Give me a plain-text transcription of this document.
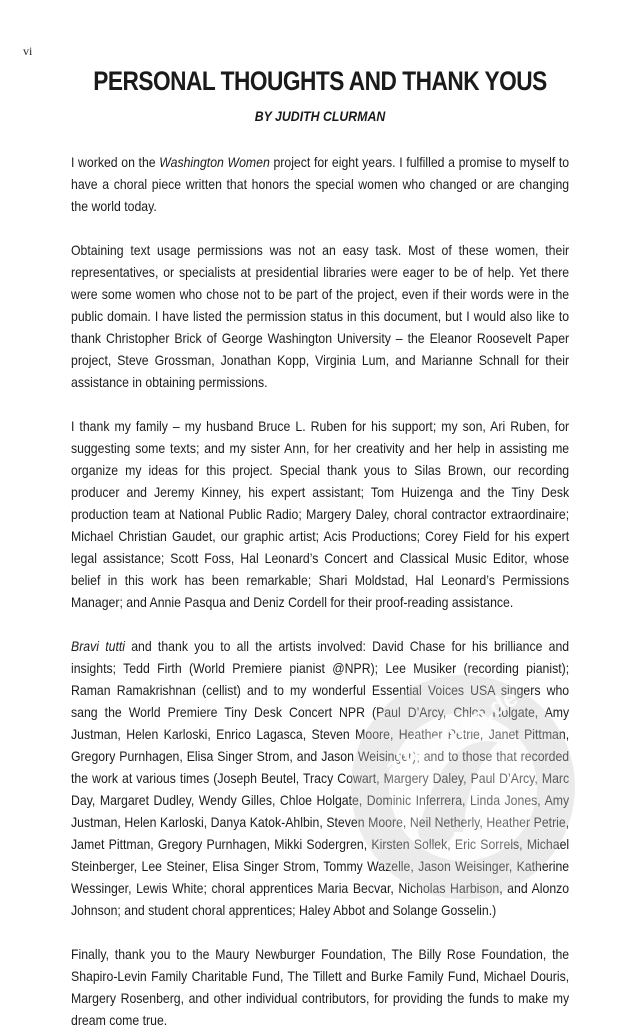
vi
PERSONAL THOUGHTS AND THANK YOUS
BY JUDITH CLURMAN

I worked on the Washington Women project for eight years. I fulfilled a promise to myself to have a choral piece written that honors the special women who changed or are changing the world today.

Obtaining text usage permissions was not an easy task. Most of these women, their representatives, or specialists at presidential libraries were eager to be of help. Yet there were some women who chose not to be part of the project, even if their words were in the public domain. I have listed the permission status in this document, but I would also like to thank Christopher Brick of George Washington University – the Eleanor Roosevelt Paper project, Steve Grossman, Jonathan Kopp, Virginia Lum, and Marianne Schnall for their assistance in obtaining permissions.

I thank my family – my husband Bruce L. Ruben for his support; my son, Ari Ruben, for suggesting some texts; and my sister Ann, for her creativity and her help in assisting me organize my ideas for this project. Special thank yous to Silas Brown, our recording producer and Jeremy Kinney, his expert assistant; Tom Huizenga and the Tiny Desk production team at National Public Radio; Margery Daley, choral contractor extraordinaire; Michael Christian Gaudet, our graphic artist; Acis Productions; Corey Field for his expert legal assistance; Scott Foss, Hal Leonard’s Concert and Classical Music Editor, whose belief in this work has been remarkable; Shari Moldstad, Hal Leonard’s Permissions Manager; and Annie Pasqua and Deniz Cordell for their proof-reading assistance.

Bravi tutti and thank you to all the artists involved: David Chase for his brilliance and insights; Tedd Firth (World Premiere pianist @NPR); Lee Musiker (recording pianist); Raman Ramakrishnan (cellist) and to my wonderful Essential Voices USA singers who sang the World Premiere Tiny Desk Concert NPR (Paul D’Arcy, Chloe Holgate, Amy Justman, Helen Karloski, Enrico Lagasca, Steven Moore, Heather Petrie, Janet Pittman, Gregory Purnhagen, Elisa Singer Strom, and Jason Weisinger); and to those that recorded the work at various times (Joseph Beutel, Tracy Cowart, Margery Daley, Paul D’Arcy, Marc Day, Margaret Dudley, Wendy Gilles, Chloe Holgate, Dominic Inferrera, Linda Jones, Amy Justman, Helen Karloski, Danya Katok-Ahlbin, Steven Moore, Neil Netherly, Heather Petrie, Jamet Pittman, Gregory Purnhagen, Mikki Sodergren, Kirsten Sollek, Eric Sorrels, Michael Steinberger, Lee Steiner, Elisa Singer Strom, Tommy Wazelle, Jason Weisinger, Katherine Wessinger, Lewis White; choral apprentices Maria Becvar, Nicholas Harbison, and Alonzo Johnson; and student choral apprentices; Haley Abbot and Solange Gosselin.)

Finally, thank you to the Maury Newburger Foundation, The Billy Rose Foundation, the Shapiro-Levin Family Charitable Fund, The Tillett and Burke Family Fund, Michael Douris, Margery Rosenberg, and other individual contributors, for providing the funds to make my dream come true.

alle-noten.de
